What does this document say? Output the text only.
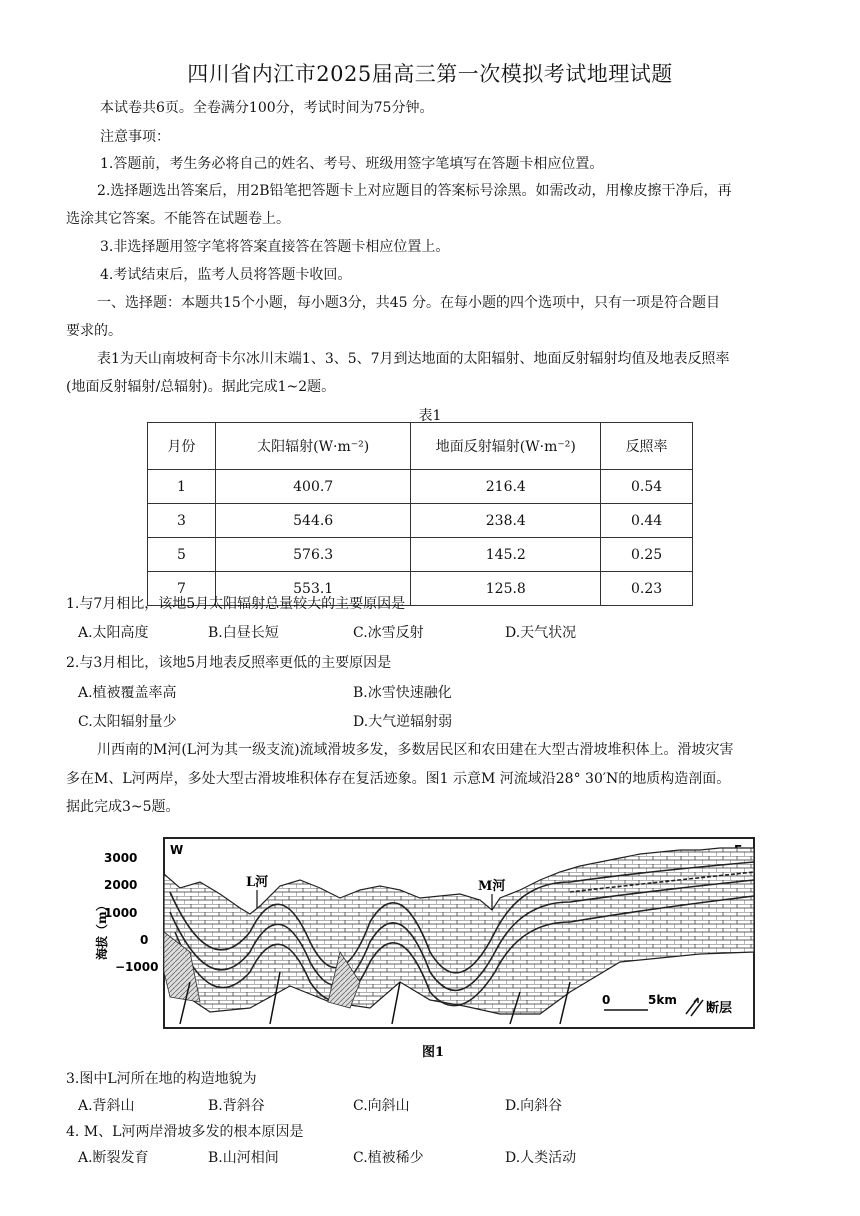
四川省内江市2025届高三第一次模拟考试地理试题
本试卷共6页。全卷满分100分，考试时间为75分钟。
注意事项：
1.答题前，考生务必将自己的姓名、考号、班级用签字笔填写在答题卡相应位置。
2.选择题选出答案后，用2B铅笔把答题卡上对应题目的答案标号涂黑。如需改动，用橡皮擦干净后，再
选涂其它答案。不能答在试题卷上。
3.非选择题用签字笔将答案直接答在答题卡相应位置上。
4.考试结束后，监考人员将答题卡收回。
一、选择题：本题共15个小题，每小题3分，共45 分。在每小题的四个选项中，只有一项是符合题目
要求的。
表1为天山南坡柯奇卡尔冰川末端1、3、5、7月到达地面的太阳辐射、地面反射辐射均值及地表反照率
(地面反射辐射/总辐射)。据此完成1~2题。
表1
月份	太阳辐射(W·m⁻²)	地面反射辐射(W·m⁻²)	反照率
1	400.7	216.4	0.54
3	544.6	238.4	0.44
5	576.3	145.2	0.25
7	553.1	125.8	0.23
1.与7月相比，该地5月太阳辐射总量较大的主要原因是
A.太阳高度	B.白昼长短	C.冰雪反射	D.天气状况
2.与3月相比，该地5月地表反照率更低的主要原因是
A.植被覆盖率高	B.冰雪快速融化
C.太阳辐射量少	D.大气逆辐射弱
川西南的M河(L河为其一级支流)流域滑坡多发，多数居民区和农田建在大型古滑坡堆积体上。滑坡灾害
多在M、L河两岸，多处大型古滑坡堆积体存在复活迹象。图1 示意M 河流域沿28° 30′N的地质构造剖面。
据此完成3~5题。
3000
2000
1000
0
−1000
海拔（m）
W
L河	M河
0	5km
断层
图1
3.图中L河所在地的构造地貌为
A.背斜山	B.背斜谷	C.向斜山	D.向斜谷
4. M、L河两岸滑坡多发的根本原因是
A.断裂发育	B.山河相间	C.植被稀少	D.人类活动
